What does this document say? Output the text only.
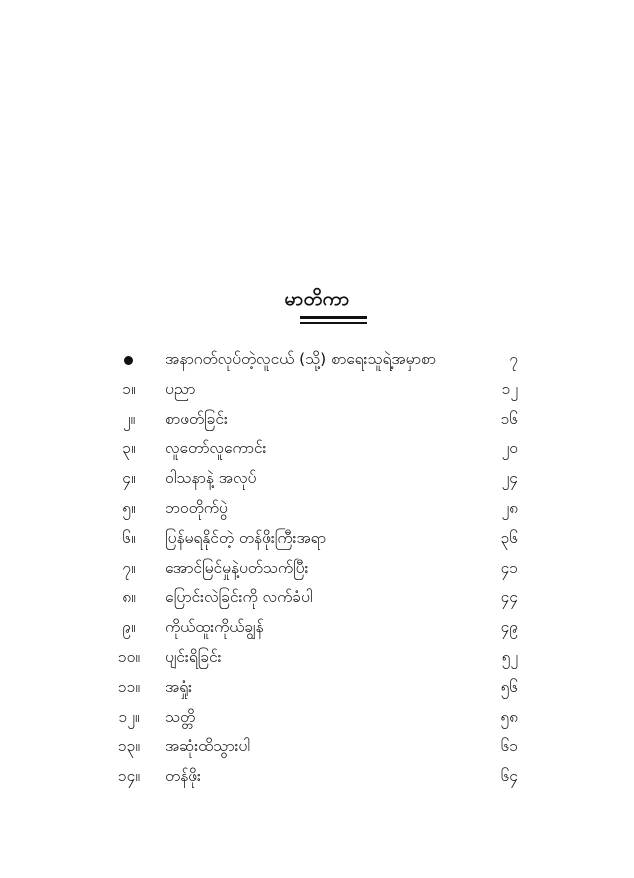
မာတိကာ
အနာဂတ်လုပ်တဲ့လူငယ် (သို့) စာရေးသူရဲ့အမှာစာ	၇
၁။	ပညာ	၁၂
၂။	စာဖတ်ခြင်း	၁၆
၃။	လူတော်လူကောင်း	၂၀
၄။	ဝါသနာနဲ့ အလုပ်	၂၄
၅။	ဘဝတိုက်ပွဲ	၂၈
၆။	ပြန်မရနိုင်တဲ့ တန်ဖိုးကြီးအရာ	၃၆
၇။	အောင်မြင်မှုနဲ့ပတ်သက်ပြီး	၄၁
၈။	ပြောင်းလဲခြင်းကို လက်ခံပါ	၄၄
၉။	ကိုယ်ထူးကိုယ်ချွန်	၄၉
၁၀။	ပျင်းရိခြင်း	၅၂
၁၁။	အရှုံး	၅၆
၁၂။	သတ္တိ	၅၈
၁၃။	အဆုံးထိသွားပါ	၆၁
၁၄။	တန်ဖိုး	၆၄
